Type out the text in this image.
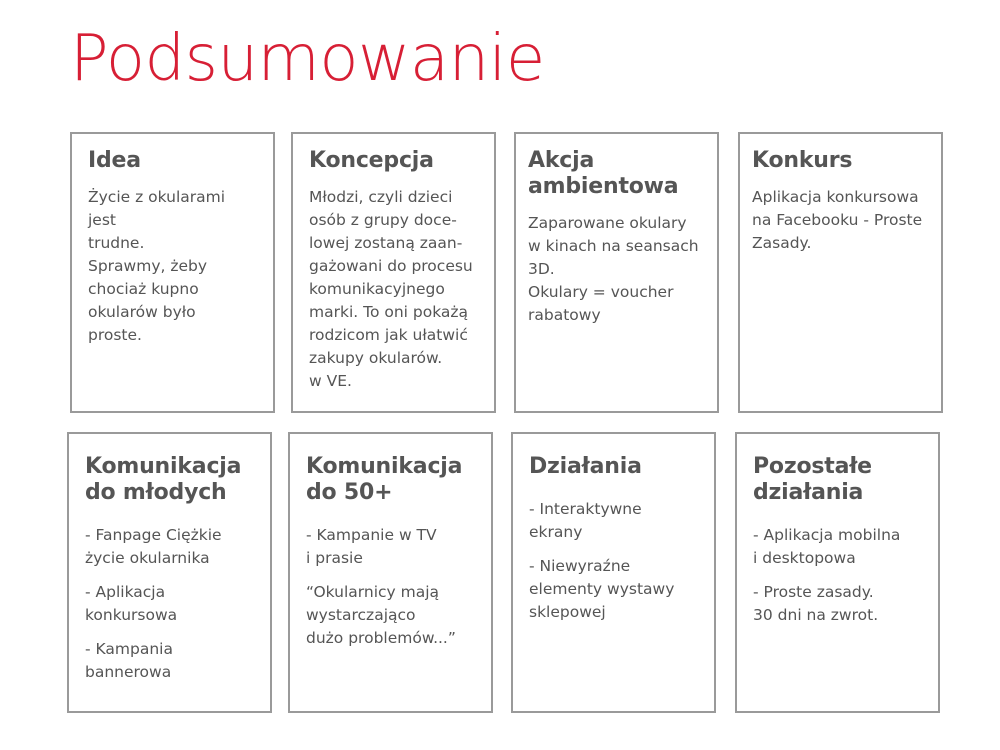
Podsumowanie
Idea
Życie z okularami jest
trudne.
Sprawmy, żeby
chociaż kupno
okularów było
proste.
Koncepcja
Młodzi, czyli dzieci
osób z grupy doce-
lowej zostaną zaan-
gażowani do procesu
komunikacyjnego
marki. To oni pokażą
rodzicom jak ułatwić
zakupy okularów.
w VE.
Akcja
ambientowa
Zaparowane okulary
w kinach na seansach
3D.
Okulary = voucher
rabatowy
Konkurs
Aplikacja konkursowa
na Facebooku - Proste
Zasady.
Komunikacja
do młodych
- Fanpage Ciężkie
życie okularnika
- Aplikacja
konkursowa
- Kampania
bannerowa
Komunikacja
do 50+
- Kampanie w TV
i prasie
“Okularnicy mają
wystarczająco
dużo problemów...”
Działania
- Interaktywne
ekrany
- Niewyraźne
elementy wystawy
sklepowej
Pozostałe
działania
- Aplikacja mobilna
i desktopowa
- Proste zasady.
30 dni na zwrot.
